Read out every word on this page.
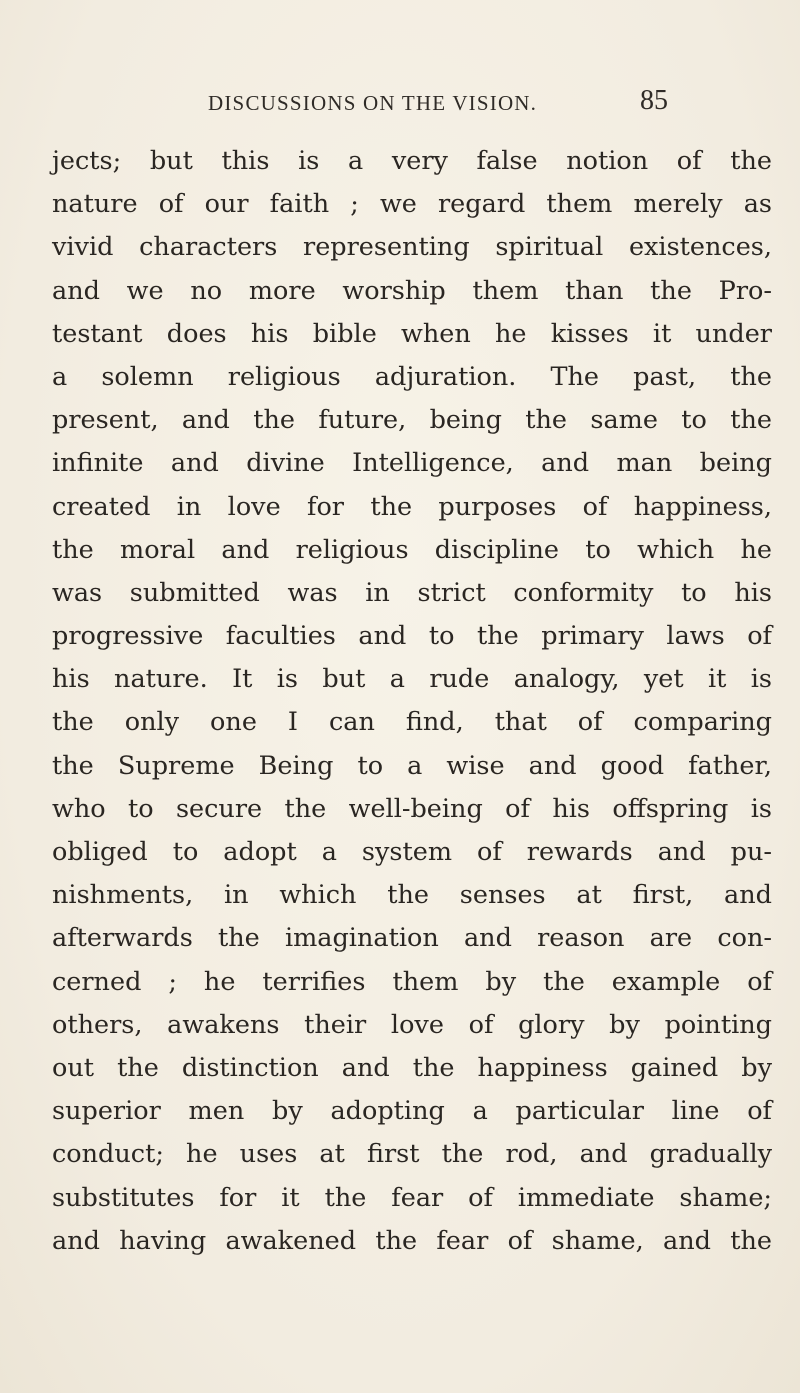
DISCUSSIONS ON THE VISION.	85
jects; but this is a very false notion of the
nature of our faith ; we regard them merely as
vivid characters representing spiritual existences,
and we no more worship them than the Pro-
testant does his bible when he kisses it under
a solemn religious adjuration. The past, the
present, and the future, being the same to the
infinite and divine Intelligence, and man being
created in love for the purposes of happiness,
the moral and religious discipline to which he
was submitted was in strict conformity to his
progressive faculties and to the primary laws of
his nature. It is but a rude analogy, yet it is
the only one I can find, that of comparing
the Supreme Being to a wise and good father,
who to secure the well-being of his offspring is
obliged to adopt a system of rewards and pu-
nishments, in which the senses at first, and
afterwards the imagination and reason are con-
cerned ; he terrifies them by the example of
others, awakens their love of glory by pointing
out the distinction and the happiness gained by
superior men by adopting a particular line of
conduct; he uses at first the rod, and gradually
substitutes for it the fear of immediate shame;
and having awakened the fear of shame, and the
